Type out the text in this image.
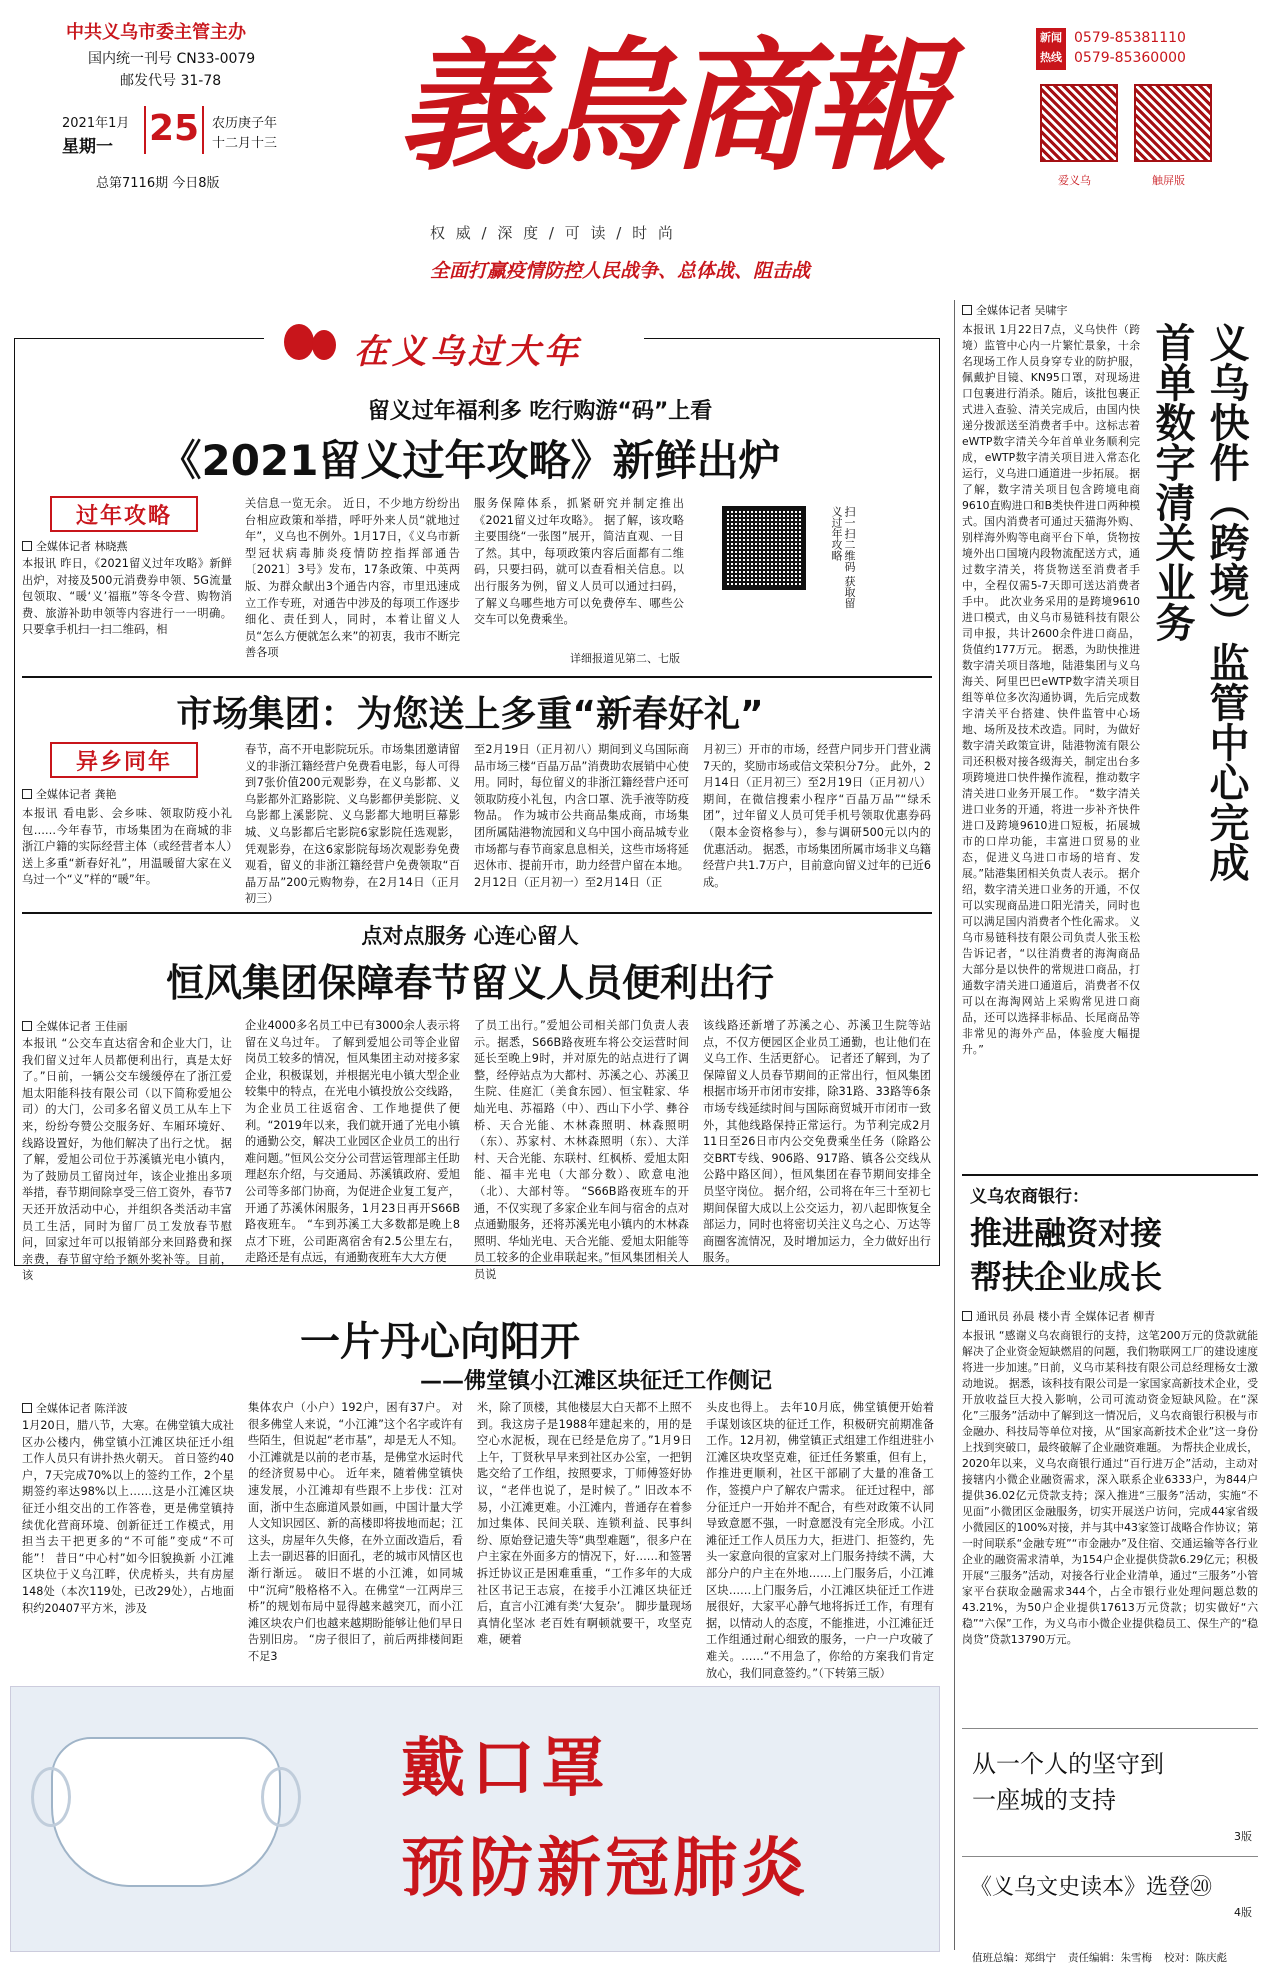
中共义乌市委主管主办
国内统一刊号 CN33-0079
邮发代号 31-78
2021年1月
星期一 25 农历庚子年
十二月十三
总第7116期 今日8版 義烏商報
权 威 / 深 度 / 可 读 / 时 尚
全面打赢疫情防控人民战争、总体战、阻击战
新闻
热线
0579-85381110
0579-85360000
爱义乌	触屏版
在义乌过大年
留义过年福利多 吃行购游“码”上看
《2021留义过年攻略》新鲜出炉
过年攻略
全媒体记者 林晓燕
本报讯 昨日，《2021留义过年攻略》新鲜出炉，对接及500元消费券申领、5G流量包领取、“暖‘义’福瓶”等冬令营、购物消费、旅游补助申领等内容进行一一明确。只要拿手机扫一扫二维码，相
关信息一览无余。 近日，不少地方纷纷出台相应政策和举措，呼吁外来人员“就地过年”，义乌也不例外。1月17日，《义乌市新型冠状病毒肺炎疫情防控指挥部通告〔2021〕3号》发布，17条政策、中英两版、为群众献出3个通告内容，市里迅速成立工作专班，对通告中涉及的每项工作逐步细化、责任到人，同时，本着让留义人员“怎么方便就怎么来”的初衷，我市不断完善各项
服务保障体系，抓紧研究并制定推出《2021留义过年攻略》。 据了解，该攻略主要围绕“一张图”展开，简洁直观、一目了然。其中，每项政策内容后面都有二维码，只要扫码，就可以查看相关信息。以出行服务为例，留义人员可以通过扫码，了解义乌哪些地方可以免费停车、哪些公交车可以免费乘坐。
详细报道见第二、七版
扫一扫二维码 获取留义过年攻略
市场集团：为您送上多重“新春好礼”
异乡同年
全媒体记者 龚艳
本报讯 看电影、会乡味、领取防疫小礼包……今年春节，市场集团为在商城的非浙江户籍的实际经营主体（或经营者本人）送上多重“新春好礼”，用温暖留大家在义乌过一个“义”样的“暖”年。
春节，高不开电影院玩乐。市场集团邀请留义的非浙江籍经营户免费看电影，每人可得到7张价值200元观影券，在义乌影都、义乌影都外汇路影院、义乌影都伊美影院、义乌影都上溪影院、义乌影都大地明巨幕影城、义乌影都后宅影院6家影院任选观影，凭观影券，在这6家影院每场次观影券免费观看，留义的非浙江籍经营户免费领取“百晶万品”200元购物券，在2月14日（正月初三）
至2月19日（正月初八）期间到义乌国际商品市场三楼“百晶万品”消费助农展销中心使用。同时，每位留义的非浙江籍经营户还可领取防疫小礼包，内含口罩、洗手液等防疫物品。 作为城市公共商品集成商，市场集团所属陆港物流园和义乌中国小商品城专业市场都与春节商家息息相关，这些市场将延迟休市、提前开市，助力经营户留在本地。2月12日（正月初一）至2月14日（正
月初三）开市的市场，经营户同步开门营业满7天的，奖励市场或信文荣积分7分。 此外，2月14日（正月初三）至2月19日（正月初八）期间，在微信搜索小程序“百晶万品”“绿禾团”，过年留义人员可凭手机号领取优惠券码（限本金资格参与），参与调研500元以内的优惠活动。 据悉，市场集团所属市场非义乌籍经营户共1.7万户，目前意向留义过年的已近6成。
点对点服务 心连心留人
恒风集团保障春节留义人员便利出行
全媒体记者 王佳丽
本报讯 “公交车直达宿舍和企业大门，让我们留义过年人员都便利出行，真是太好了。”日前，一辆公交车缓缓停在了浙江爱旭太阳能科技有限公司（以下简称爱旭公司）的大门，公司多名留义员工从车上下来，纷纷夸赞公交服务好、车厢环境好、线路设置好，为他们解决了出行之忧。 据了解，爱旭公司位于苏溪镇光电小镇内，为了鼓励员工留岗过年，该企业推出多项举措，春节期间除享受三倍工资外，春节7天还开放活动中心，并组织各类活动丰富员工生活，同时为留厂员工发放春节慰问，回家过年可以报销部分来回路费和探亲费，春节留守给予额外奖补等。目前，该
企业4000多名员工中已有3000余人表示将留在义乌过年。 了解到爱旭公司等企业留岗员工较多的情况，恒风集团主动对接多家企业，积极谋划，并根据光电小镇大型企业较集中的特点，在光电小镇投放公交线路，为企业员工往返宿舍、工作地提供了便利。“2019年以来，我们就开通了光电小镇的通勤公交，解决工业园区企业员工的出行难问题。”恒风公交分公司营运管理部主任助理赵东介绍，与交通局、苏溪镇政府、爱旭公司等多部门协商，为促进企业复工复产，开通了苏溪休闲服务，1月23日再开S66B路夜班车。 “车到苏溪工大多数都是晚上8点才下班，公司距离宿舍有2.5公里左右，走路还是有点远，有通勤夜班车大大方便
了员工出行。”爱旭公司相关部门负责人表示。据悉，S66B路夜班车将公交运营时间延长至晚上9时，并对原先的站点进行了调整，经停站点为大都村、苏溪之心、苏溪卫生院、佳庭汇（美食东园）、恒宝鞋家、华灿光电、苏福路（中）、西山下小学、彝谷桥、天合光能、木林森照明、林森照明（东）、苏家村、木林森照明（东）、大洋村、天合光能、东联村、红枫桥、爱旭太阳能、福丰光电（大部分数）、欧意电池（北）、大部村等。 “S66B路夜班车的开通，不仅实现了多家企业车间与宿舍的点对点通勤服务，还将苏溪光电小镇内的木林森照明、华灿光电、天合光能、爱旭太阳能等员工较多的企业串联起来。”恒风集团相关人员说
该线路还新增了苏溪之心、苏溪卫生院等站点，不仅方便园区企业员工通勤，也让他们在义乌工作、生活更舒心。 记者还了解到，为了保障留义人员春节期间的正常出行，恒风集团根据市场开市闭市安排，除31路、33路等6条市场专线延续时间与国际商贸城开市闭市一致外，其他线路保持正常运行。为节利完成2月11日至26日市内公交免费乘坐任务（除路公交BRT专线、906路、917路、镇各公交线从公路中路区间），恒风集团在春节期间安排全员坚守岗位。 据介绍，公司将在年三十至初七期间保留大成以上公交运力，初八起即恢复全部运力，同时也将密切关注义乌之心、万达等商圈客流情况，及时增加运力，全力做好出行服务。
一片丹心向阳开
——佛堂镇小江滩区块征迁工作侧记
全媒体记者 陈洋波
1月20日，腊八节，大寒。在佛堂镇大成社区办公楼内，佛堂镇小江滩区块征迁小组工作人员只有讲扑热火朝天。 首日签约40户，7天完成70%以上的签约工作，2个星期签约率达98%以上……这是小江滩区块征迁小组交出的工作答卷，更是佛堂镇持续优化营商环境、创新征迁工作模式，用担当去干把更多的“不可能”变成“不可能”！ 昔日“中心村”如今旧貌换新 小江滩区块位于义乌江畔，伏虎桥头，共有房屋148处（本次119处，已改29处），占地面积约20407平方米，涉及
集体农户（小户）192户，困有37户。 对很多佛堂人来说，“小江滩”这个名字或许有些陌生，但说起“老市基”，却是无人不知。小江滩就是以前的老市基，是佛堂水运时代的经济贸易中心。 近年来，随着佛堂镇快速发展，小江滩却有些跟不上步伐：江对面，浙中生态廊道风景如画，中国计量大学人文知识园区、新的高楼即将拔地而起；江这头，房屋年久失修，在外立面改造后，看上去一副迟暮的旧面孔，老的城市风情区也渐行渐远。 破旧不堪的小江滩，如同城中“沉疴”般格格不入。在佛堂“一江两岸三桥”的规划布局中显得越来越突兀，而小江滩区块农户们也越来越期盼能够让他们早日告别旧房。 “房子很旧了，前后两排楼间距不足3
米，除了顶楼，其他楼层大白天都不上照不到。我这房子是1988年建起来的，用的是空心水泥板，现在已经是危房了。”1月9日上午，丁贤秋早早来到社区办公室，一把钥匙交给了工作组，按照要求，丁师傅签好协议，“老伴也说了，是时候了。” 旧改本不易，小江滩更难。小江滩内，普通存在着参加过集体、民间关联、连锁利益、民事纠纷、原始登记遗失等“典型难题”，很多户在户主家在外面多方的情况下，好……和签署拆迁协议正是困难重重，“工作多年的大成社区书记王志宸，在接手小江滩区块征迁后，直言小江滩有类‘大复杂’。 脚步量现场 真情化坚冰 老百姓有啊顿就要干，攻坚克难，硬着
头皮也得上。 去年10月底，佛堂镇便开始着手谋划该区块的征迁工作，积极研究前期准备工作。12月初，佛堂镇正式组建工作组进驻小江滩区块攻坚克难，征迁任务繁重，但有上，作推进更顺利，社区干部刷了大量的准备工作，签摸户户了解农户需求。 征迁过程中，部分征迁户一开始并不配合，有些对政策不认同导致意愿不强，一时意愿没有完全形成。小江滩征迁工作人员压力大，拒进门、拒签约，先头一家意向很的宣家对上门服务持续不满，大部分户的户主在外地……上门服务后，小江滩区块……上门服务后，小江滩区块征迁工作进展很好，大家平心静气地将拆迁工作，有理有据，以情动人的态度，不能推进，小江滩征迁工作组通过耐心细致的服务，一户一户攻破了难关。……“不用急了，你给的方案我们肯定放心，我们同意签约。”（下转第三版）
戴口罩
预防新冠肺炎
全媒体记者 吴啸宇
义乌快件（跨境）监管中心完成
首单数字清关业务
本报讯 1月22日7点，义乌快件（跨境）监管中心内一片繁忙景象，十余名现场工作人员身穿专业的防护服，佩戴护目镜、KN95口罩，对现场进口包裹进行消杀。随后，该批包裹正式进入查验、清关完成后，由国内快递分拨派送至消费者手中。这标志着eWTP数字清关今年首单业务顺利完成，eWTP数字清关项目进入常态化运行，义乌进口通道进一步拓展。 据了解，数字清关项目包含跨境电商9610直购进口和B类快件进口两种模式。国内消费者可通过天猫海外购、别样海外购等电商平台下单，货物按境外出口国境内段物流配送方式，通过数字清关，将货物送至消费者手中，全程仅需5-7天即可送达消费者手中。 此次业务采用的是跨境9610进口模式，由义乌市易链科技有限公司申报，共计2600余件进口商品，货值约177万元。 据悉，为助快推进数字清关项目落地，陆港集团与义乌海关、阿里巴巴eWTP数字清关项目组等单位多次沟通协调，先后完成数字清关平台搭建、快件监管中心场地、场所及技术改造。同时，为做好数字清关政策宣讲，陆港物流有限公司还积极对接各级海关，制定出台多项跨境进口快件操作流程，推动数字清关进口业务开展工作。 “数字清关进口业务的开通，将进一步补齐快件进口及跨境9610进口短板，拓展城市的口岸功能，丰富进口贸易的业态，促进义乌进口市场的培育、发展。”陆港集团相关负责人表示。 据介绍，数字清关进口业务的开通，不仅可以实现商品进口阳光清关，同时也可以满足国内消费者个性化需求。 义乌市易链科技有限公司负责人张玉松告诉记者，“以往消费者的海淘商品大部分是以快件的常规进口商品，打通数字清关进口通道后，消费者不仅可以在海淘网站上采购常见进口商品，还可以选择非标品、长尾商品等非常见的海外产品，体验度大幅提升。”
义乌农商银行：
推进融资对接
帮扶企业成长
通讯员 孙晨 楼小青 全媒体记者 柳青
本报讯 “感谢义乌农商银行的支持，这笔200万元的贷款就能解决了企业资金短缺燃眉的问题，我们物联网工厂的建设速度将进一步加速。”日前，义乌市某科技有限公司总经理杨女士激动地说。 据悉，该科技有限公司是一家国家高新技术企业，受开放收益巨大投入影响，公司可流动资金短缺风险。在“深化”三服务”活动中了解到这一情况后，义乌农商银行积极与市金融办、科技局等单位对接，从“国家高新技术企业”这一身份上找到突破口，最终破解了企业融资难题。 为帮扶企业成长，2020年以来，义乌农商银行通过“百行进万企”活动，主动对接辖内小微企业融资需求，深入联系企业6333户，为844户提供36.02亿元贷款支持；深入推进“三服务”活动，实施“不见面”小微团区金融服务，切实开展送户访问，完成44家省级小微园区的100%对接，并与其中43家签订战略合作协议；第一时间联系“金融专班”“市金融办”及住宿、交通运输等各行业企业的融资需求清单，为154户企业提供贷款6.29亿元；积极开展“三服务”活动，对接各行业企业清单，通过“三服务”小管家平台获取金融需求344个，占全市银行业处理问题总数的43.21%，为50户企业提供17613万元贷款；切实做好“六稳”“六保”工作，为义乌市小微企业提供稳员工、保生产的“稳岗贷”贷款13790万元。
从一个人的坚守到
一座城的支持
3版
《义乌文史读本》选登⑳
4版
值班总编：郑缉宁 责任编辑：朱雪梅 校对：陈庆彪
